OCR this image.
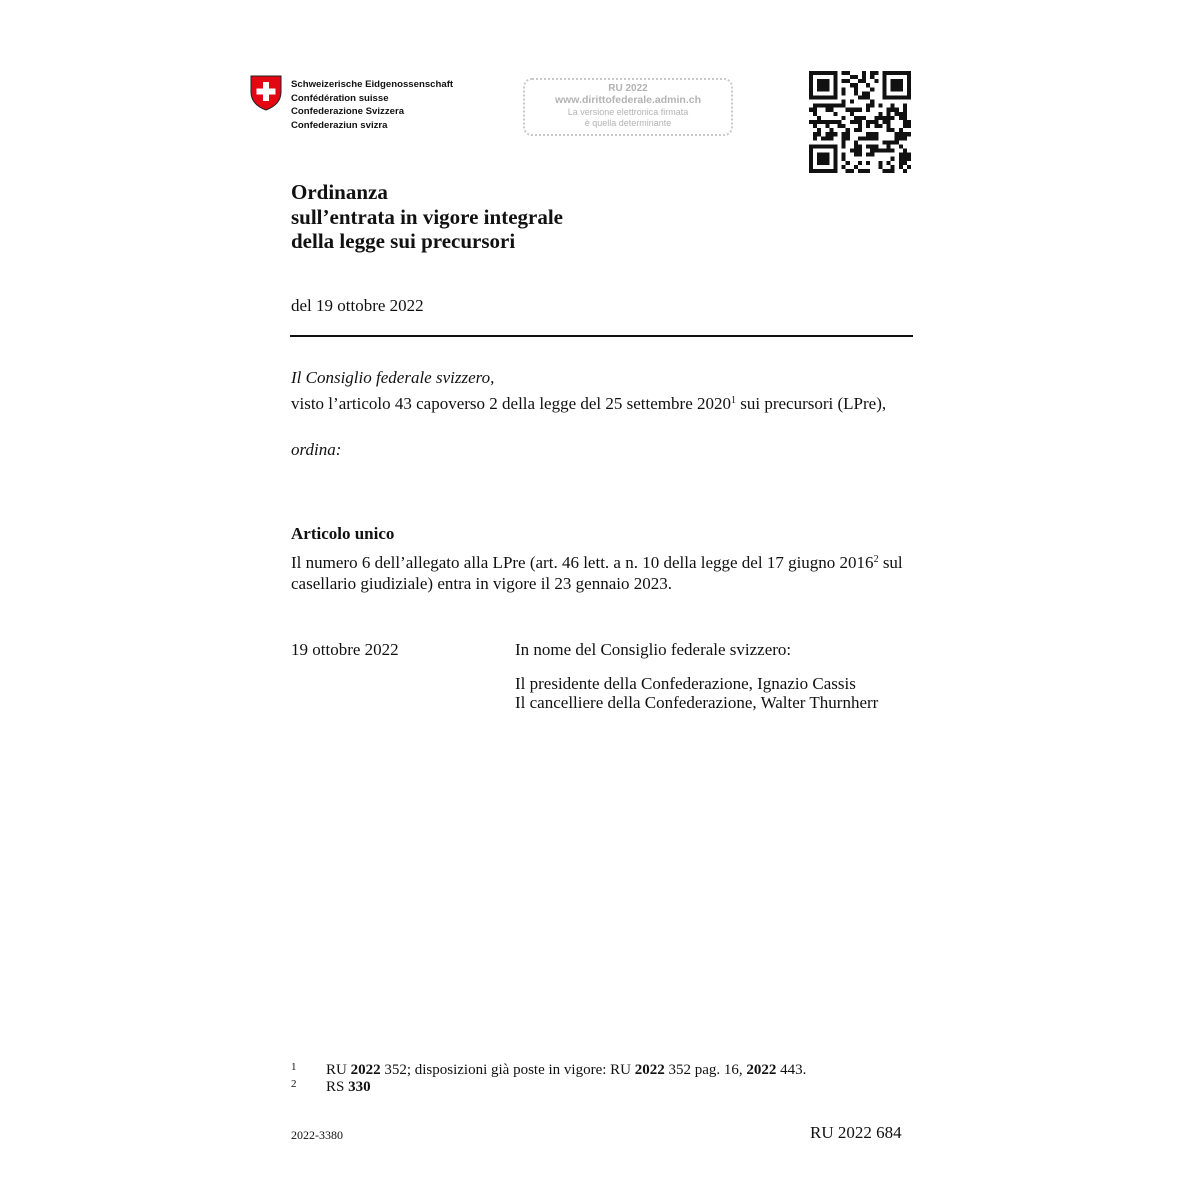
Schweizerische Eidgenossenschaft
Confédération suisse
Confederazione Svizzera
Confederaziun svizra
RU 2022
www.dirittofederale.admin.ch
La versione elettronica firmata
è quella determinante
Ordinanza
sull’entrata in vigore integrale
della legge sui precursori
del 19 ottobre 2022
Il Consiglio federale svizzero,
visto l’articolo 43 capoverso 2 della legge del 25 settembre 2020$^1$ sui precursori (LPre),
ordina:
Articolo unico
Il numero 6 dell’allegato alla LPre (art. 46 lett. a n. 10 della legge del 17 giugno 2016$^2$ sul casellario giudiziale) entra in vigore il 23 gennaio 2023.
19 ottobre 2022	In nome del Consiglio federale svizzero:
Il presidente della Confederazione, Ignazio Cassis
Il cancelliere della Confederazione, Walter Thurnherr
1 RU 2022 352; disposizioni già poste in vigore: RU 2022 352 pag. 16, 2022 443.
2 RS 330
2022-3380	RU 2022 684
